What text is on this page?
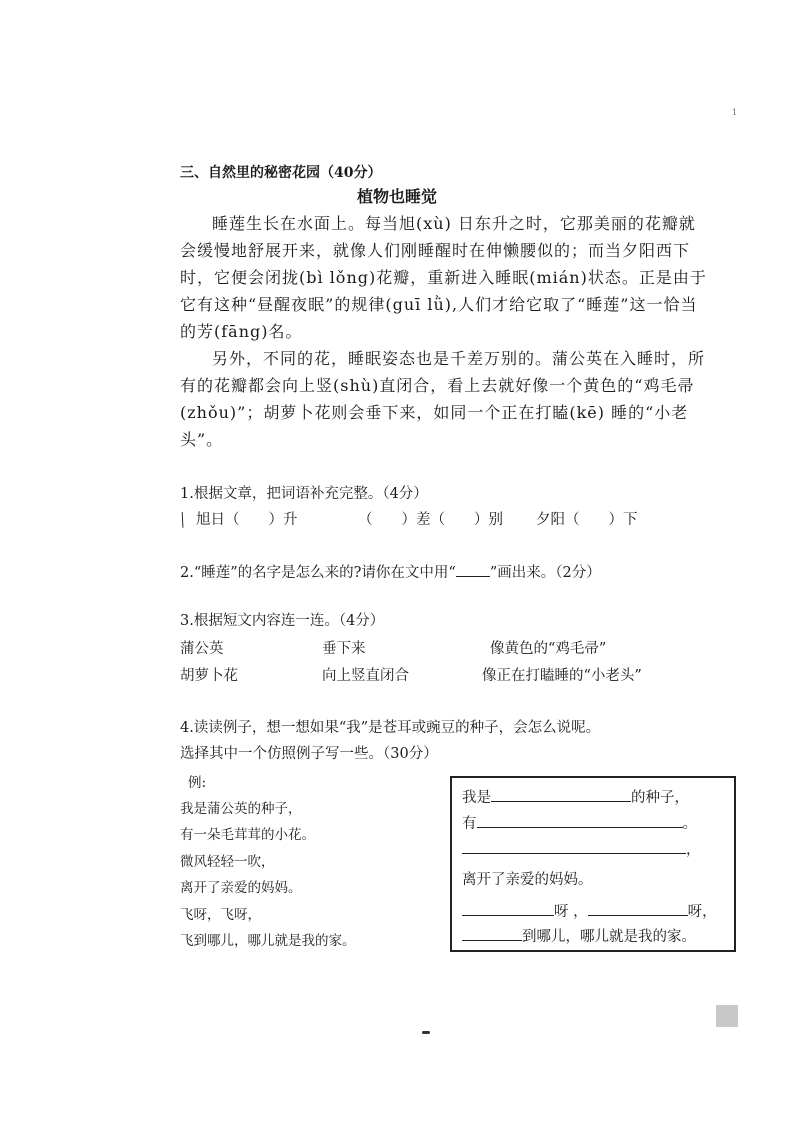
1
三、自然里的秘密花园（40分）
植物也睡觉

睡莲生长在水面上。每当旭(xù) 日东升之时，它那美丽的花瓣就会缓慢地舒展开来，就像人们刚睡醒时在伸懒腰似的；而当夕阳西下时，它便会闭拢(bì lǒng)花瓣，重新进入睡眠(mián)状态。正是由于它有这种“昼醒夜眠”的规律(guī lǜ),人们才给它取了“睡莲”这一恰当 的芳(fāng)名。

另外，不同的花，睡眠姿态也是千差万别的。蒲公英在入睡时，所有的花瓣都会向上竖(shù)直闭合，看上去就好像一个黄色的“鸡毛帚 (zhǒu)”；胡萝卜花则会垂下来，如同一个正在打瞌(kē) 睡的“小老头”。

1.根据文章，把词语补充完整。（4分）
╱ 旭日（　　）升	（　　）差（　　）别 夕阳（　　）下
2.“睡莲”的名字是怎么来的?请你在文中用“ ”画出来。（2分）
3.根据短文内容连一连。（4分）
蒲公英	垂下来	像黄色的“鸡毛帚”
胡萝卜花	向上竖直闭合	像正在打瞌睡的“小老头”
4.读读例子，想一想如果“我”是苍耳或豌豆的种子，会怎么说呢。
选择其中一个仿照例子写一些。（30分）
例:
我是蒲公英的种子，
有一朵毛茸茸的小花。
微风轻轻一吹，
离开了亲爱的妈妈。
飞呀，飞呀，
飞到哪儿，哪儿就是我的家。
我是	的种子，
有	。
，
离开了亲爱的妈妈。
呀 ，	呀，
到哪儿，哪儿就是我的家。
